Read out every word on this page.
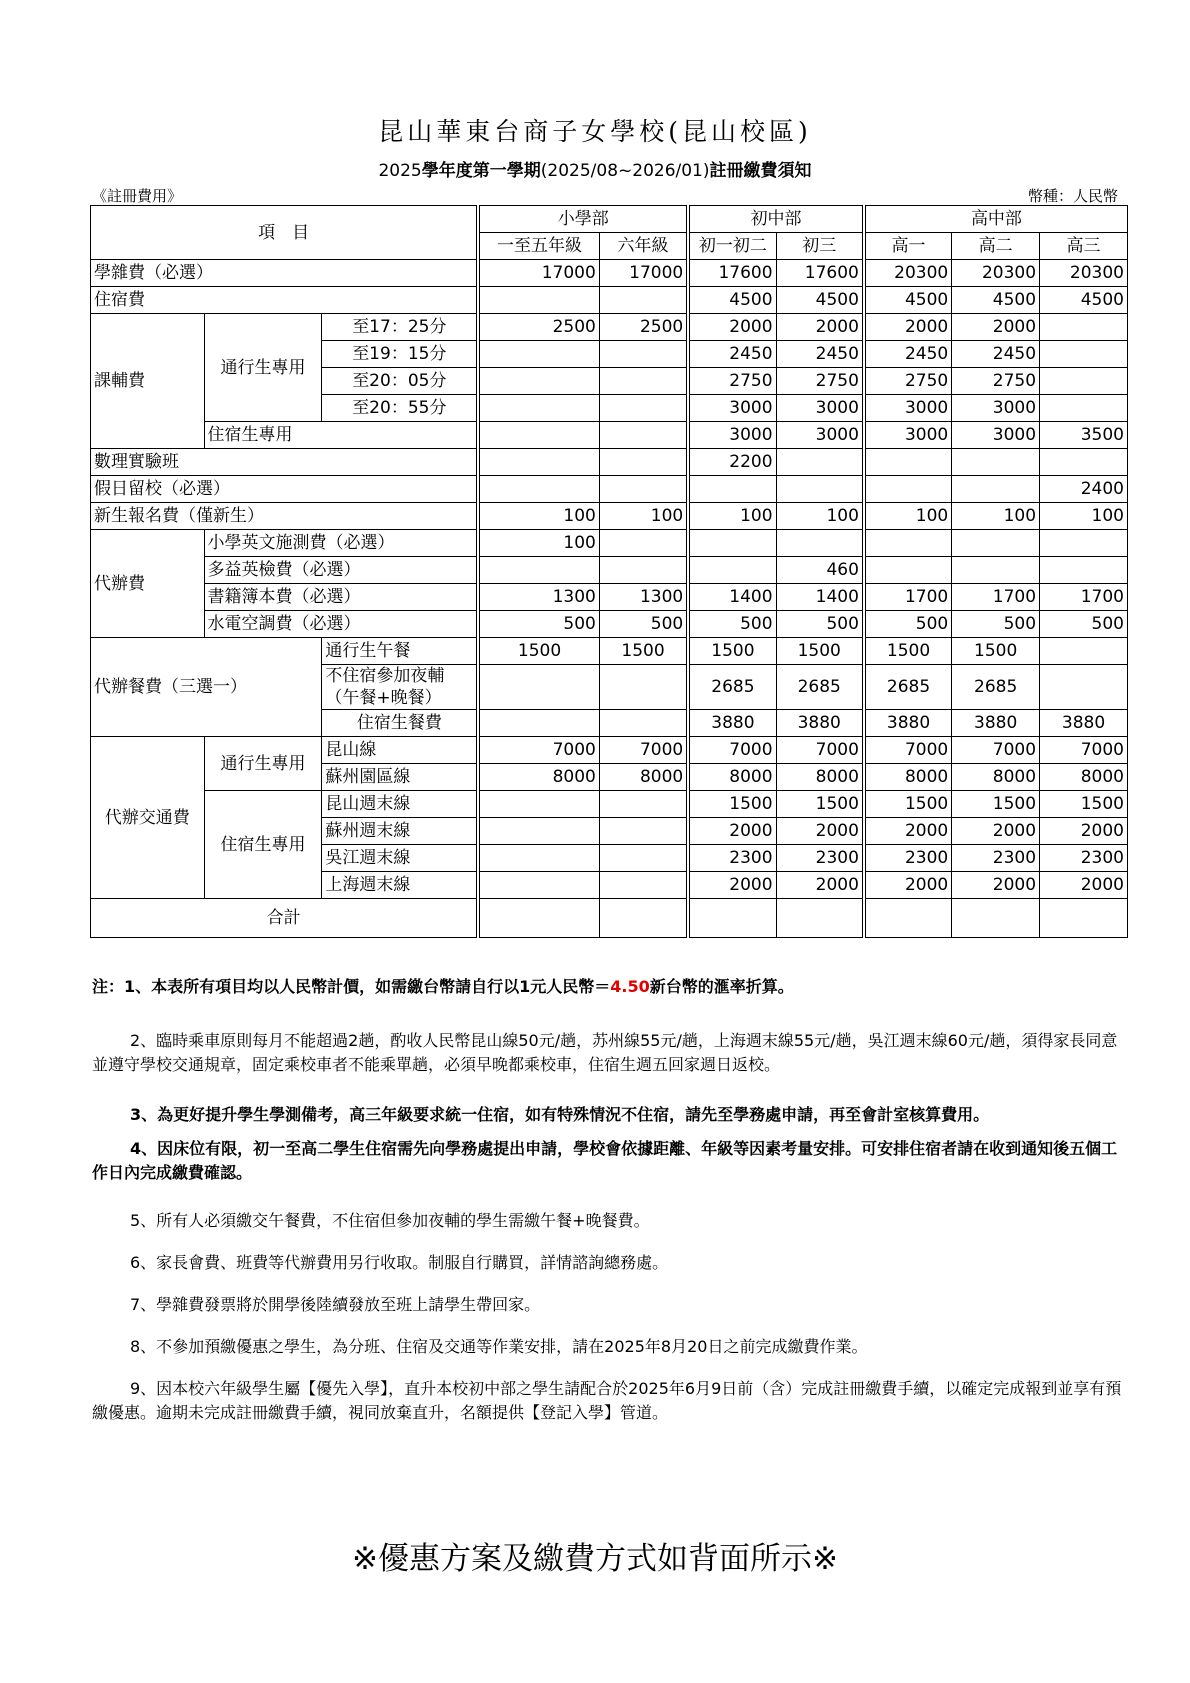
昆山華東台商子女學校(昆山校區)
2025學年度第一學期(2025/08~2026/01)註冊繳費須知
《註冊費用》	幣種：人民幣
項　目			小學部		初中部		高中部		
			一至五年級	六年級	初一初二	初三	高一	高二	高三
學雜費（必選）			17000	17000	17600	17600	20300	20300	20300
住宿費					4500	4500	4500	4500	4500
課輔費	通行生專用	至17：25分	2500	2500	2000	2000	2000	2000	
		至19：15分			2450	2450	2450	2450	
		至20：05分			2750	2750	2750	2750	
		至20：55分			3000	3000	3000	3000	
	住宿生專用				3000	3000	3000	3000	3500
數理實驗班					2200				
假日留校（必選）									2400
新生報名費（僅新生）			100	100	100	100	100	100	100
代辦費	小學英文施測費（必選）		100						
	多益英檢費（必選）					460			
	書籍簿本費（必選）		1300	1300	1400	1400	1700	1700	1700
	水電空調費（必選）		500	500	500	500	500	500	500
代辦餐費（三選一）		通行生午餐	1500	1500	1500	1500	1500	1500	
		不住宿參加夜輔
（午餐+晚餐）			2685	2685	2685	2685	
		住宿生餐費			3880	3880	3880	3880	3880
代辦交通費	通行生專用	昆山線	7000	7000	7000	7000	7000	7000	7000
		蘇州園區線	8000	8000	8000	8000	8000	8000	8000
	住宿生專用	昆山週末線			1500	1500	1500	1500	1500
		蘇州週末線			2000	2000	2000	2000	2000
		吳江週末線			2300	2300	2300	2300	2300
		上海週末線			2000	2000	2000	2000	2000
合計									

注：1、本表所有項目均以人民幣計價，如需繳台幣請自行以1元人民幣＝4.50新台幣的滙率折算。

2、臨時乘車原則每月不能超過2趟，酌收人民幣昆山線50元/趟，苏州線55元/趟，上海週末線55元/趟，吳江週末線60元/趟，須得家長同意並遵守學校交通規章，固定乘校車者不能乘單趟，必須早晚都乘校車，住宿生週五回家週日返校。

3、為更好提升學生學測備考，高三年級要求統一住宿，如有特殊情況不住宿，請先至學務處申請，再至會計室核算費用。

4、因床位有限，初一至高二學生住宿需先向學務處提出申請，學校會依據距離、年級等因素考量安排。可安排住宿者請在收到通知後五個工作日內完成繳費確認。

5、所有人必須繳交午餐費，不住宿但參加夜輔的學生需繳午餐+晚餐費。

6、家長會費、班費等代辦費用另行收取。制服自行購買，詳情諮詢總務處。

7、學雜費發票將於開學後陸續發放至班上請學生帶回家。

8、不參加預繳優惠之學生，為分班、住宿及交通等作業安排，請在2025年8月20日之前完成繳費作業。

9、因本校六年級學生屬【優先入學】，直升本校初中部之學生請配合於2025年6月9日前（含）完成註冊繳費手續，以確定完成報到並享有預繳優惠。逾期未完成註冊繳費手續，視同放棄直升，名額提供【登記入學】管道。

※優惠方案及繳費方式如背面所示※
